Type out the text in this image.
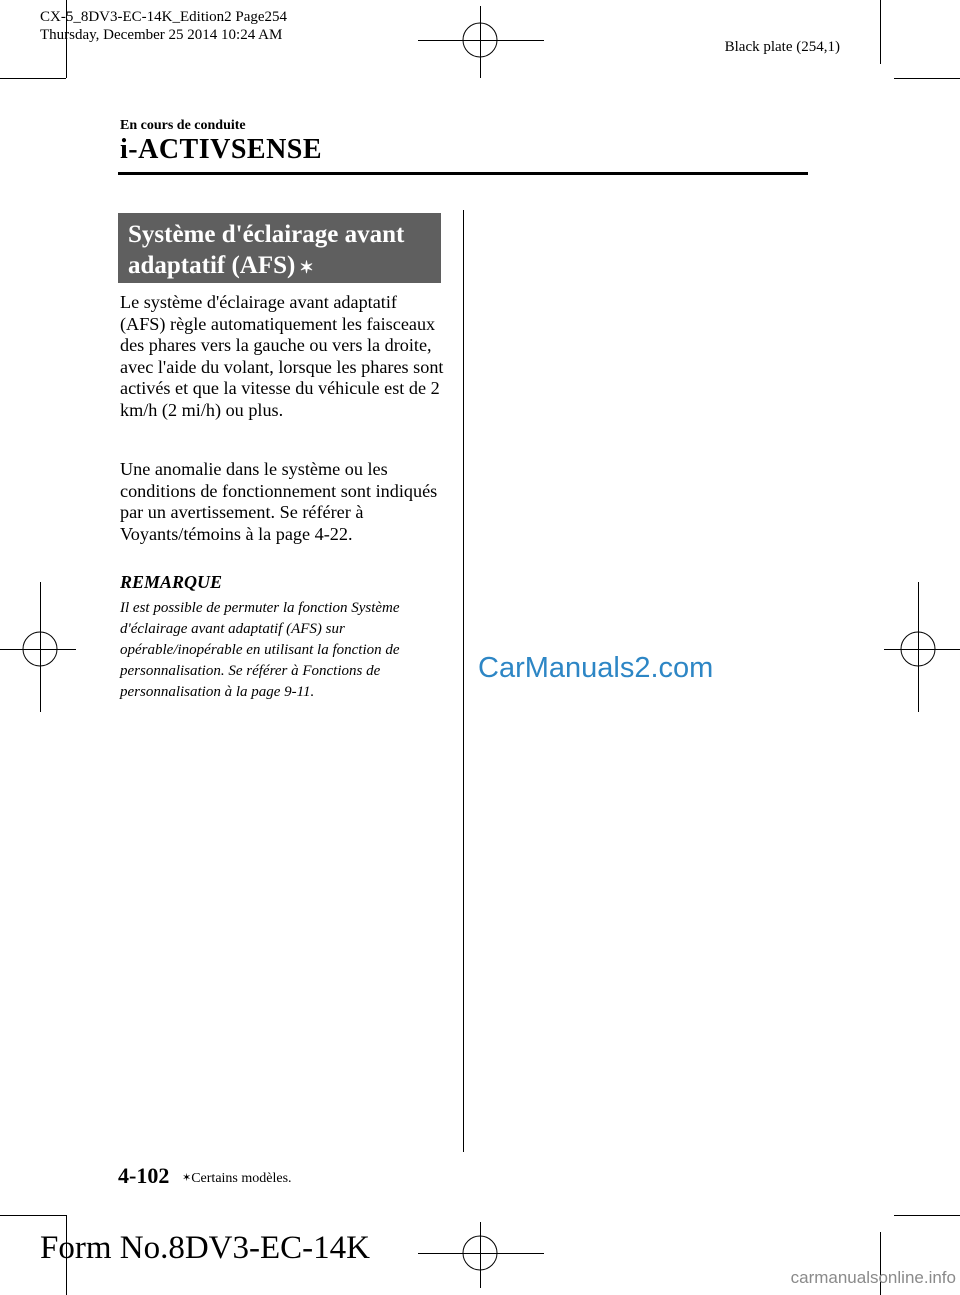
CX-5_8DV3-EC-14K_Edition2 Page254
Thursday, December 25 2014 10:24 AM
Black plate (254,1)
En cours de conduite
i-ACTIVSENSE
Système d'éclairage avant
adaptatif (AFS) ✶
Le système d'éclairage avant adaptatif (AFS) règle automatiquement les faisceaux des phares vers la gauche ou vers la droite, avec l'aide du volant, lorsque les phares sont activés et que la vitesse du véhicule est de 2 km/h (2 mi/h) ou plus.
Une anomalie dans le système ou les conditions de fonctionnement sont indiqués par un avertissement. Se référer à Voyants/témoins à la page 4-22.
REMARQUE
Il est possible de permuter la fonction Système d'éclairage avant adaptatif (AFS) sur opérable/inopérable en utilisant la fonction de personnalisation. Se référer à Fonctions de personnalisation à la page 9-11.
CarManuals2.com
4-102 ✶Certains modèles.
Form No.8DV3-EC-14K
carmanualsonline.info
